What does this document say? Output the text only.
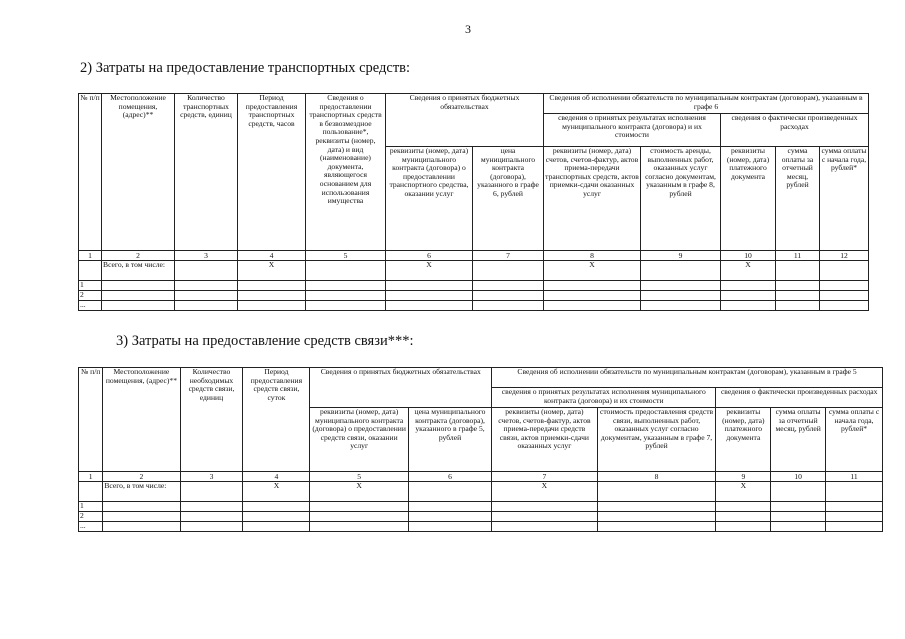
3
2) Затраты на предоставление транспортных средств:
№ п/п	Местоположение помещения, (адрес)**	Количество транспортных средств, единиц	Период предоставления транспортных средств, часов	Сведения о предоставлении транспортных средств в безвозмездное пользование*, реквизиты (номер, дата) и вид (наименование) документа, являющегося основанием для использования имущества	Сведения о принятых бюджетных обязательствах		Сведения об исполнении обязательств по муниципальным контрактам (договорам), указанным в графе 6				
							сведения о принятых результатах исполнения муниципального контракта (договора) и их стоимости		сведения о фактически произведенных расходах		
					реквизиты (номер, дата) муниципального контракта (договора) о предоставлении транспортного средства, оказании услуг	цена муниципального контракта (договора), указанного в графе 6, рублей	реквизиты (номер, дата) счетов, счетов-фактур, актов приема-передачи транспортных средств, актов приемки-сдачи оказанных услуг	стоимость аренды, выполненных работ, оказанных услуг согласно документам, указанным в графе 8, рублей	реквизиты (номер, дата) платежного документа	сумма оплаты за отчетный месяц, рублей	сумма оплаты с начала года, рублей*
1	2	3	4	5	6	7	8	9	10	11	12
	Всего, в том числе:		X		X		X		X		
1											
2											
...											
3) Затраты на предоставление средств связи***:
№ п/п	Местоположение помещения, (адрес)**	Количество необходимых средств связи, единиц	Период предоставления средств связи, суток	Сведения о принятых бюджетных обязательствах		Сведения об исполнении обязательств по муниципальным контрактам (договорам), указанным в графе 5				
						сведения о принятых результатах исполнения муниципального контракта (договора) и их стоимости		сведения о фактически произведенных расходах		
				реквизиты (номер, дата) муниципального контракта (договора) о предоставлении средств связи, оказании услуг	цена муниципального контракта (договора), указанного в графе 5, рублей	реквизиты (номер, дата) счетов, счетов-фактур, актов приема-передачи средств связи, актов приемки-сдачи оказанных услуг	стоимость предоставления средств связи, выполненных работ, оказанных услуг согласно документам, указанным в графе 7, рублей	реквизиты (номер, дата) платежного документа	сумма оплаты за отчетный месяц, рублей	сумма оплаты с начала года, рублей*
1	2	3	4	5	6	7	8	9	10	11
	Всего, в том числе:		X	X		X		X		
1										
2										
...										
